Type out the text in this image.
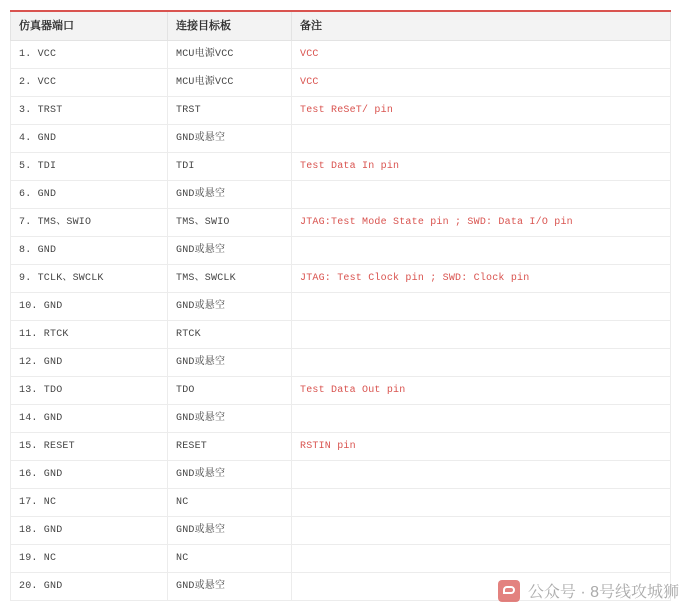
仿真器端口	连接目标板	备注
1. VCC	MCU电源VCC	VCC
2. VCC	MCU电源VCC	VCC
3. TRST	TRST	Test ReSeT/ pin
4. GND	GND或悬空	
5. TDI	TDI	Test Data In pin
6. GND	GND或悬空	
7. TMS、SWIO	TMS、SWIO	JTAG:Test Mode State pin ; SWD: Data I/O pin
8. GND	GND或悬空	
9. TCLK、SWCLK	TMS、SWCLK	JTAG: Test Clock pin ; SWD: Clock pin
10. GND	GND或悬空	
11. RTCK	RTCK	
12. GND	GND或悬空	
13. TDO	TDO	Test Data Out pin
14. GND	GND或悬空	
15. RESET	RESET	RSTIN pin
16. GND	GND或悬空	
17. NC	NC	
18. GND	GND或悬空	
19. NC	NC	
20. GND	GND或悬空		公众号 · 8号线攻城狮
